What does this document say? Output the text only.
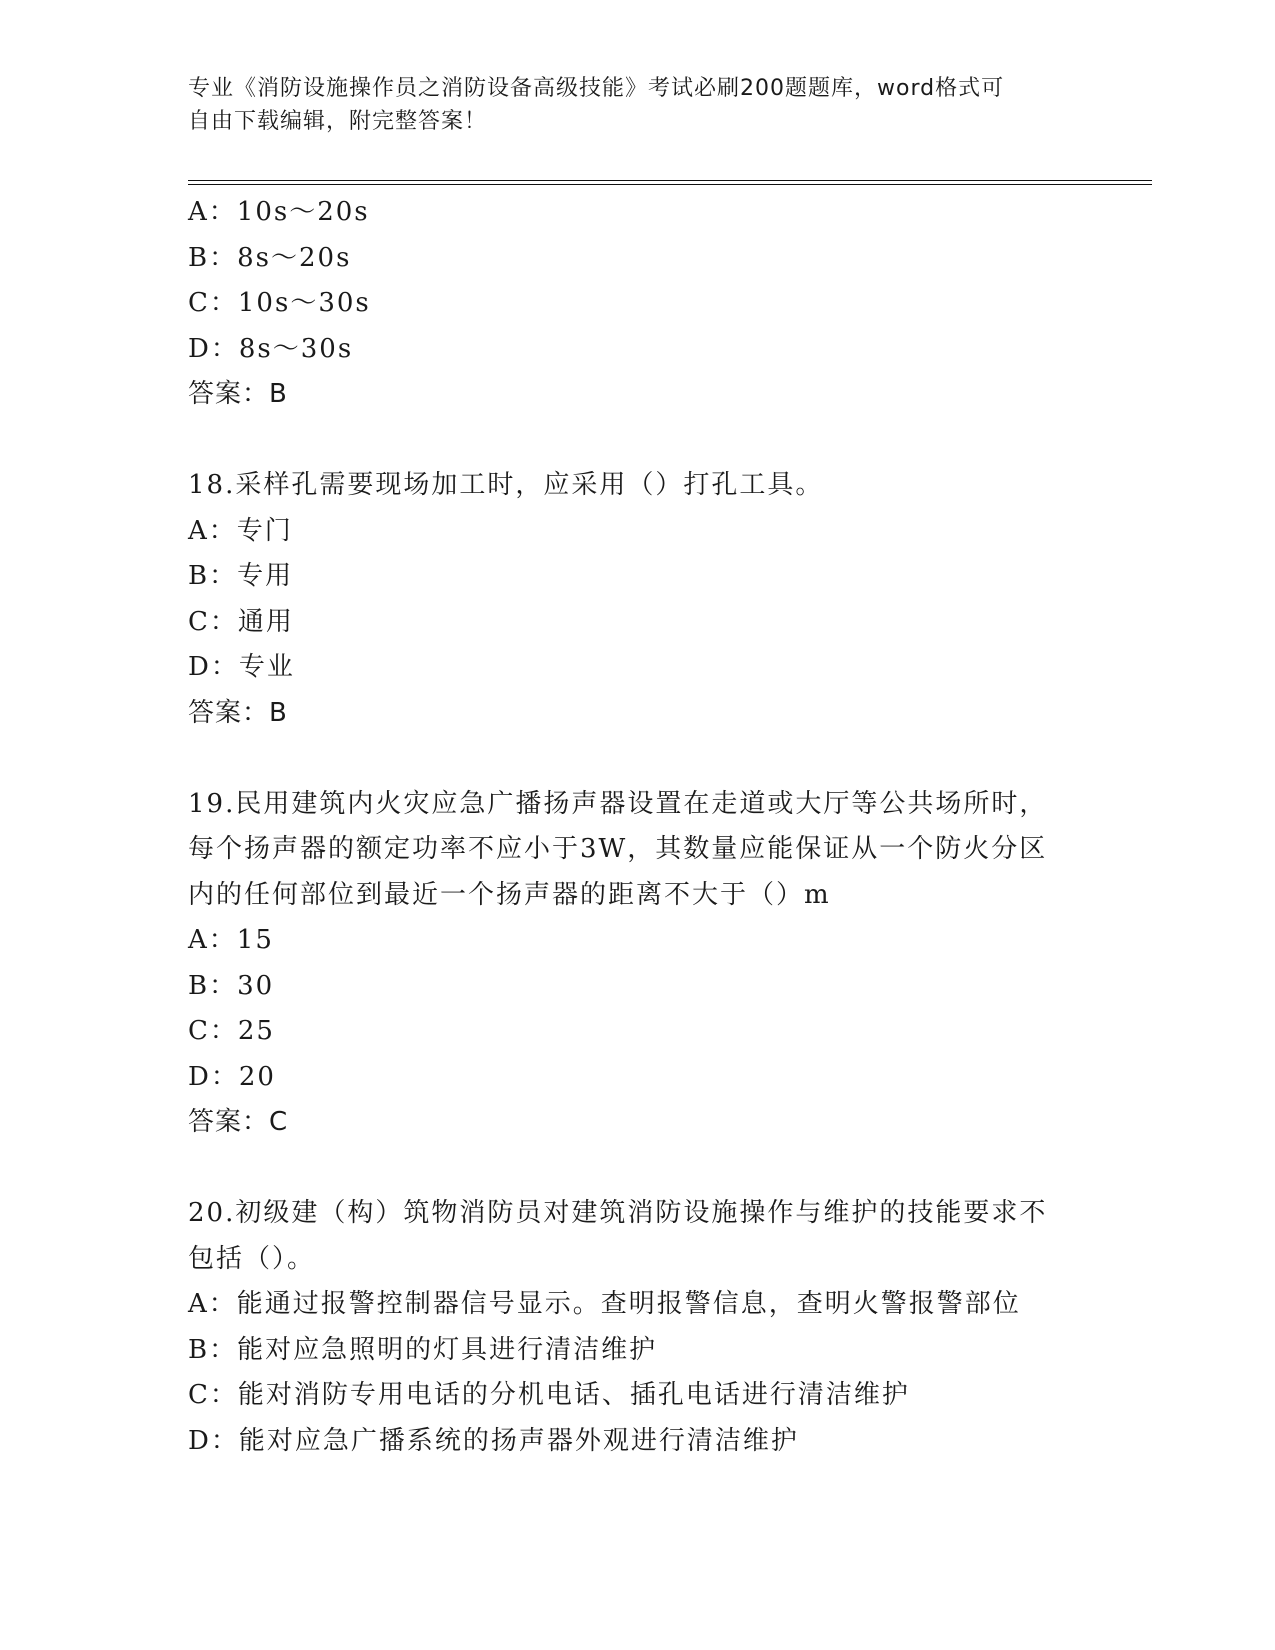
专业《消防设施操作员之消防设备高级技能》考试必刷200题题库，word格式可
自由下载编辑，附完整答案！
A：10s～20s
B：8s～20s
C：10s～30s
D：8s～30s
答案：B
18.采样孔需要现场加工时，应采用（）打孔工具。
A：专门
B：专用
C：通用
D：专业
答案：B
19.民用建筑内火灾应急广播扬声器设置在走道或大厅等公共场所时，
每个扬声器的额定功率不应小于3W，其数量应能保证从一个防火分区
内的任何部位到最近一个扬声器的距离不大于（）m
A：15
B：30
C：25
D：20
答案：C
20.初级建（构）筑物消防员对建筑消防设施操作与维护的技能要求不
包括（）。
A：能通过报警控制器信号显示。查明报警信息，查明火警报警部位
B：能对应急照明的灯具进行清洁维护
C：能对消防专用电话的分机电话、插孔电话进行清洁维护
D：能对应急广播系统的扬声器外观进行清洁维护
